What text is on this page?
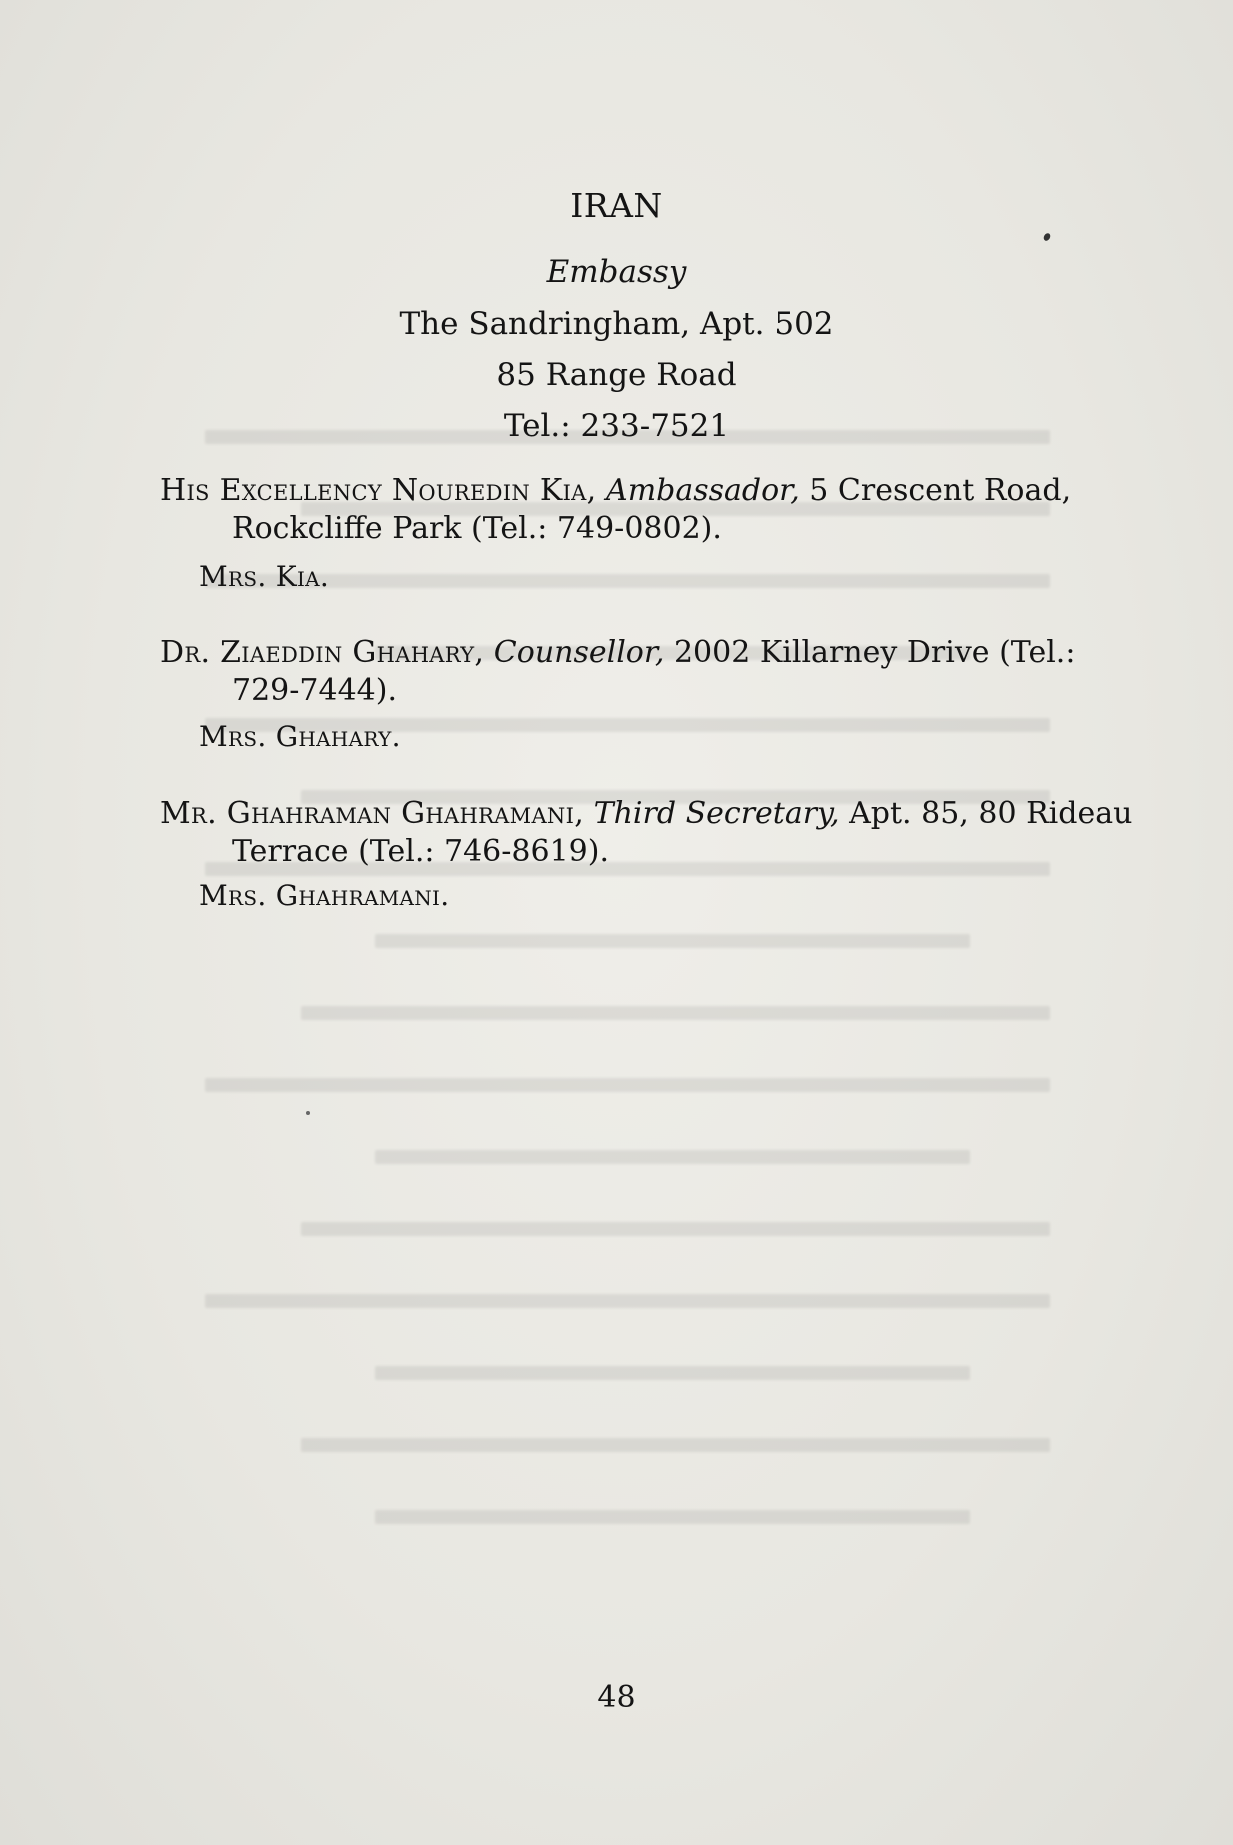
IRAN
Embassy
The Sandringham, Apt. 502
85 Range Road
Tel.: 233-7521
His Excellency Nouredin Kia, Ambassador, 5 Crescent Road, Rockcliffe Park (Tel.: 749-0802).
Mrs. Kia.
Dr. Ziaeddin Ghahary, Counsellor, 2002 Killarney Drive (Tel.: 729-7444).
Mrs. Ghahary.
Mr. Ghahraman Ghahramani, Third Secretary, Apt. 85, 80 Rideau Terrace (Tel.: 746-8619).
Mrs. Ghahramani.
48
